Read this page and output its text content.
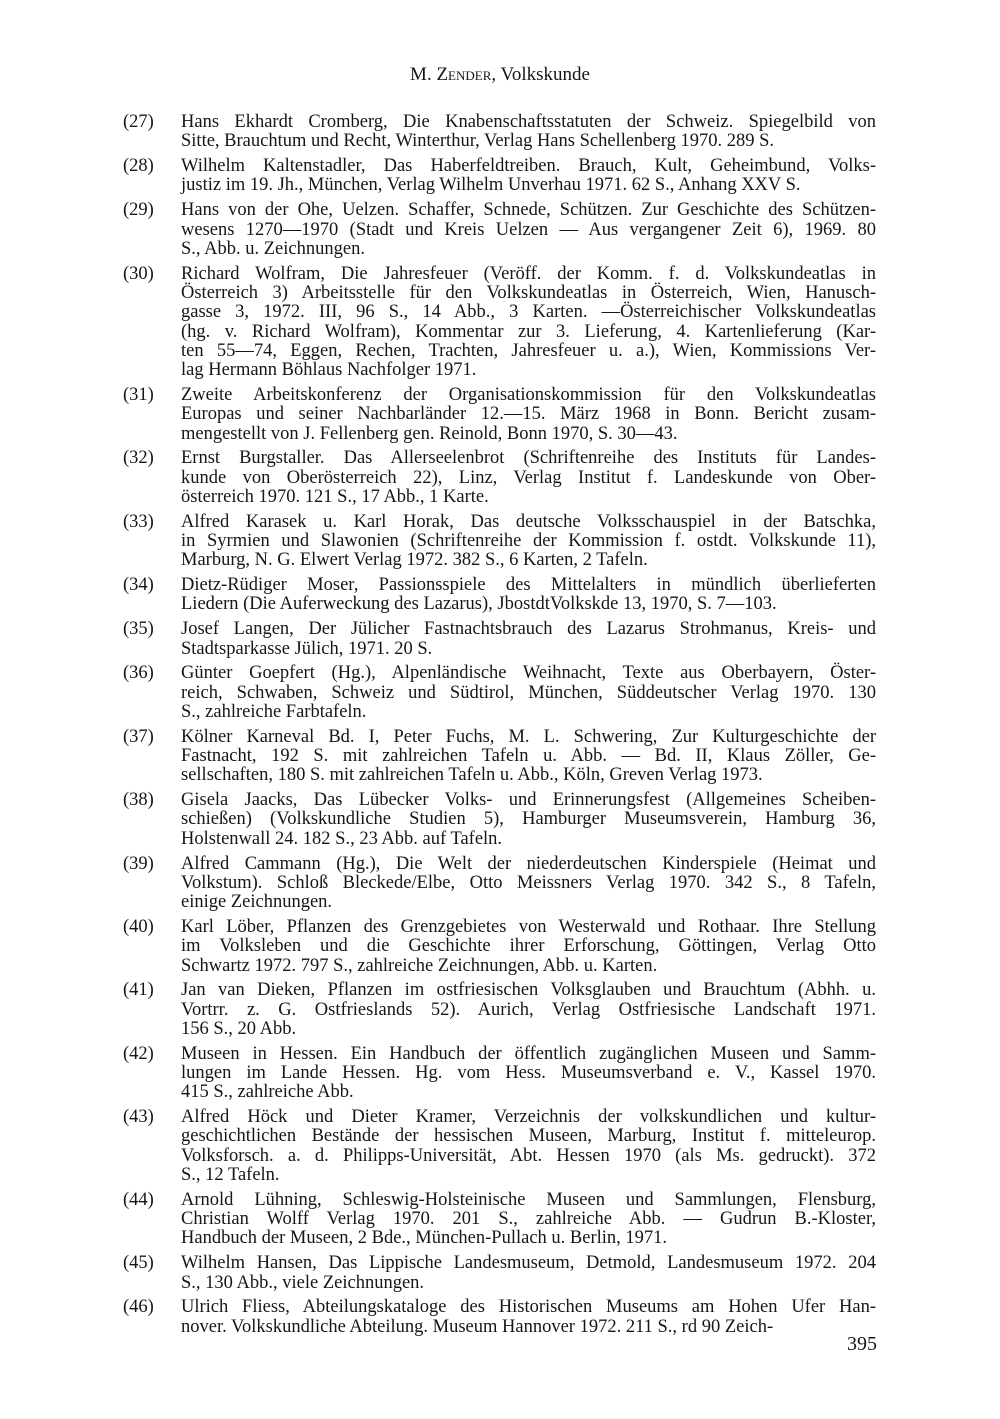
M. Zender, Volkskunde
(27) Hans Ekhardt Cromberg, Die Knabenschaftsstatuten der Schweiz. Spiegelbild von
Sitte, Brauchtum und Recht, Winterthur, Verlag Hans Schellenberg 1970. 289 S.
(28) Wilhelm Kaltenstadler, Das Haberfeldtreiben. Brauch, Kult, Geheimbund, Volks-
justiz im 19. Jh., München, Verlag Wilhelm Unverhau 1971. 62 S., Anhang XXV S.
(29) Hans von der Ohe, Uelzen. Schaffer, Schnede, Schützen. Zur Geschichte des Schützen-
wesens 1270—1970 (Stadt und Kreis Uelzen — Aus vergangener Zeit 6), 1969. 80
S., Abb. u. Zeichnungen.
(30) Richard Wolfram, Die Jahresfeuer (Veröff. der Komm. f. d. Volkskundeatlas in
Österreich 3) Arbeitsstelle für den Volkskundeatlas in Österreich, Wien, Hanusch-
gasse 3, 1972. III, 96 S., 14 Abb., 3 Karten. —Österreichischer Volkskundeatlas
(hg. v. Richard Wolfram), Kommentar zur 3. Lieferung, 4. Kartenlieferung (Kar-
ten 55—74, Eggen, Rechen, Trachten, Jahresfeuer u. a.), Wien, Kommissions Ver-
lag Hermann Böhlaus Nachfolger 1971.
(31) Zweite Arbeitskonferenz der Organisationskommission für den Volkskundeatlas
Europas und seiner Nachbarländer 12.—15. März 1968 in Bonn. Bericht zusam-
mengestellt von J. Fellenberg gen. Reinold, Bonn 1970, S. 30—43.
(32) Ernst Burgstaller. Das Allerseelenbrot (Schriftenreihe des Instituts für Landes-
kunde von Oberösterreich 22), Linz, Verlag Institut f. Landeskunde von Ober-
österreich 1970. 121 S., 17 Abb., 1 Karte.
(33) Alfred Karasek u. Karl Horak, Das deutsche Volksschauspiel in der Batschka,
in Syrmien und Slawonien (Schriftenreihe der Kommission f. ostdt. Volkskunde 11),
Marburg, N. G. Elwert Verlag 1972. 382 S., 6 Karten, 2 Tafeln.
(34) Dietz-Rüdiger Moser, Passionsspiele des Mittelalters in mündlich überlieferten
Liedern (Die Auferweckung des Lazarus), JbostdtVolkskde 13, 1970, S. 7—103.
(35) Josef Langen, Der Jülicher Fastnachtsbrauch des Lazarus Strohmanus, Kreis- und
Stadtsparkasse Jülich, 1971. 20 S.
(36) Günter Goepfert (Hg.), Alpenländische Weihnacht, Texte aus Oberbayern, Öster-
reich, Schwaben, Schweiz und Südtirol, München, Süddeutscher Verlag 1970. 130
S., zahlreiche Farbtafeln.
(37) Kölner Karneval Bd. I, Peter Fuchs, M. L. Schwering, Zur Kulturgeschichte der
Fastnacht, 192 S. mit zahlreichen Tafeln u. Abb. — Bd. II, Klaus Zöller, Ge-
sellschaften, 180 S. mit zahlreichen Tafeln u. Abb., Köln, Greven Verlag 1973.
(38) Gisela Jaacks, Das Lübecker Volks- und Erinnerungsfest (Allgemeines Scheiben-
schießen) (Volkskundliche Studien 5), Hamburger Museumsverein, Hamburg 36,
Holstenwall 24. 182 S., 23 Abb. auf Tafeln.
(39) Alfred Cammann (Hg.), Die Welt der niederdeutschen Kinderspiele (Heimat und
Volkstum). Schloß Bleckede/Elbe, Otto Meissners Verlag 1970. 342 S., 8 Tafeln,
einige Zeichnungen.
(40) Karl Löber, Pflanzen des Grenzgebietes von Westerwald und Rothaar. Ihre Stellung
im Volksleben und die Geschichte ihrer Erforschung, Göttingen, Verlag Otto
Schwartz 1972. 797 S., zahlreiche Zeichnungen, Abb. u. Karten.
(41) Jan van Dieken, Pflanzen im ostfriesischen Volksglauben und Brauchtum (Abhh. u.
Vortrr. z. G. Ostfrieslands 52). Aurich, Verlag Ostfriesische Landschaft 1971.
156 S., 20 Abb.
(42) Museen in Hessen. Ein Handbuch der öffentlich zugänglichen Museen und Samm-
lungen im Lande Hessen. Hg. vom Hess. Museumsverband e. V., Kassel 1970.
415 S., zahlreiche Abb.
(43) Alfred Höck und Dieter Kramer, Verzeichnis der volkskundlichen und kultur-
geschichtlichen Bestände der hessischen Museen, Marburg, Institut f. mitteleurop.
Volksforsch. a. d. Philipps-Universität, Abt. Hessen 1970 (als Ms. gedruckt). 372
S., 12 Tafeln.
(44) Arnold Lühning, Schleswig-Holsteinische Museen und Sammlungen, Flensburg,
Christian Wolff Verlag 1970. 201 S., zahlreiche Abb. — Gudrun B.-Kloster,
Handbuch der Museen, 2 Bde., München-Pullach u. Berlin, 1971.
(45) Wilhelm Hansen, Das Lippische Landesmuseum, Detmold, Landesmuseum 1972. 204
S., 130 Abb., viele Zeichnungen.
(46) Ulrich Fliess, Abteilungskataloge des Historischen Museums am Hohen Ufer Han-
nover. Volkskundliche Abteilung. Museum Hannover 1972. 211 S., rd 90 Zeich-
395
